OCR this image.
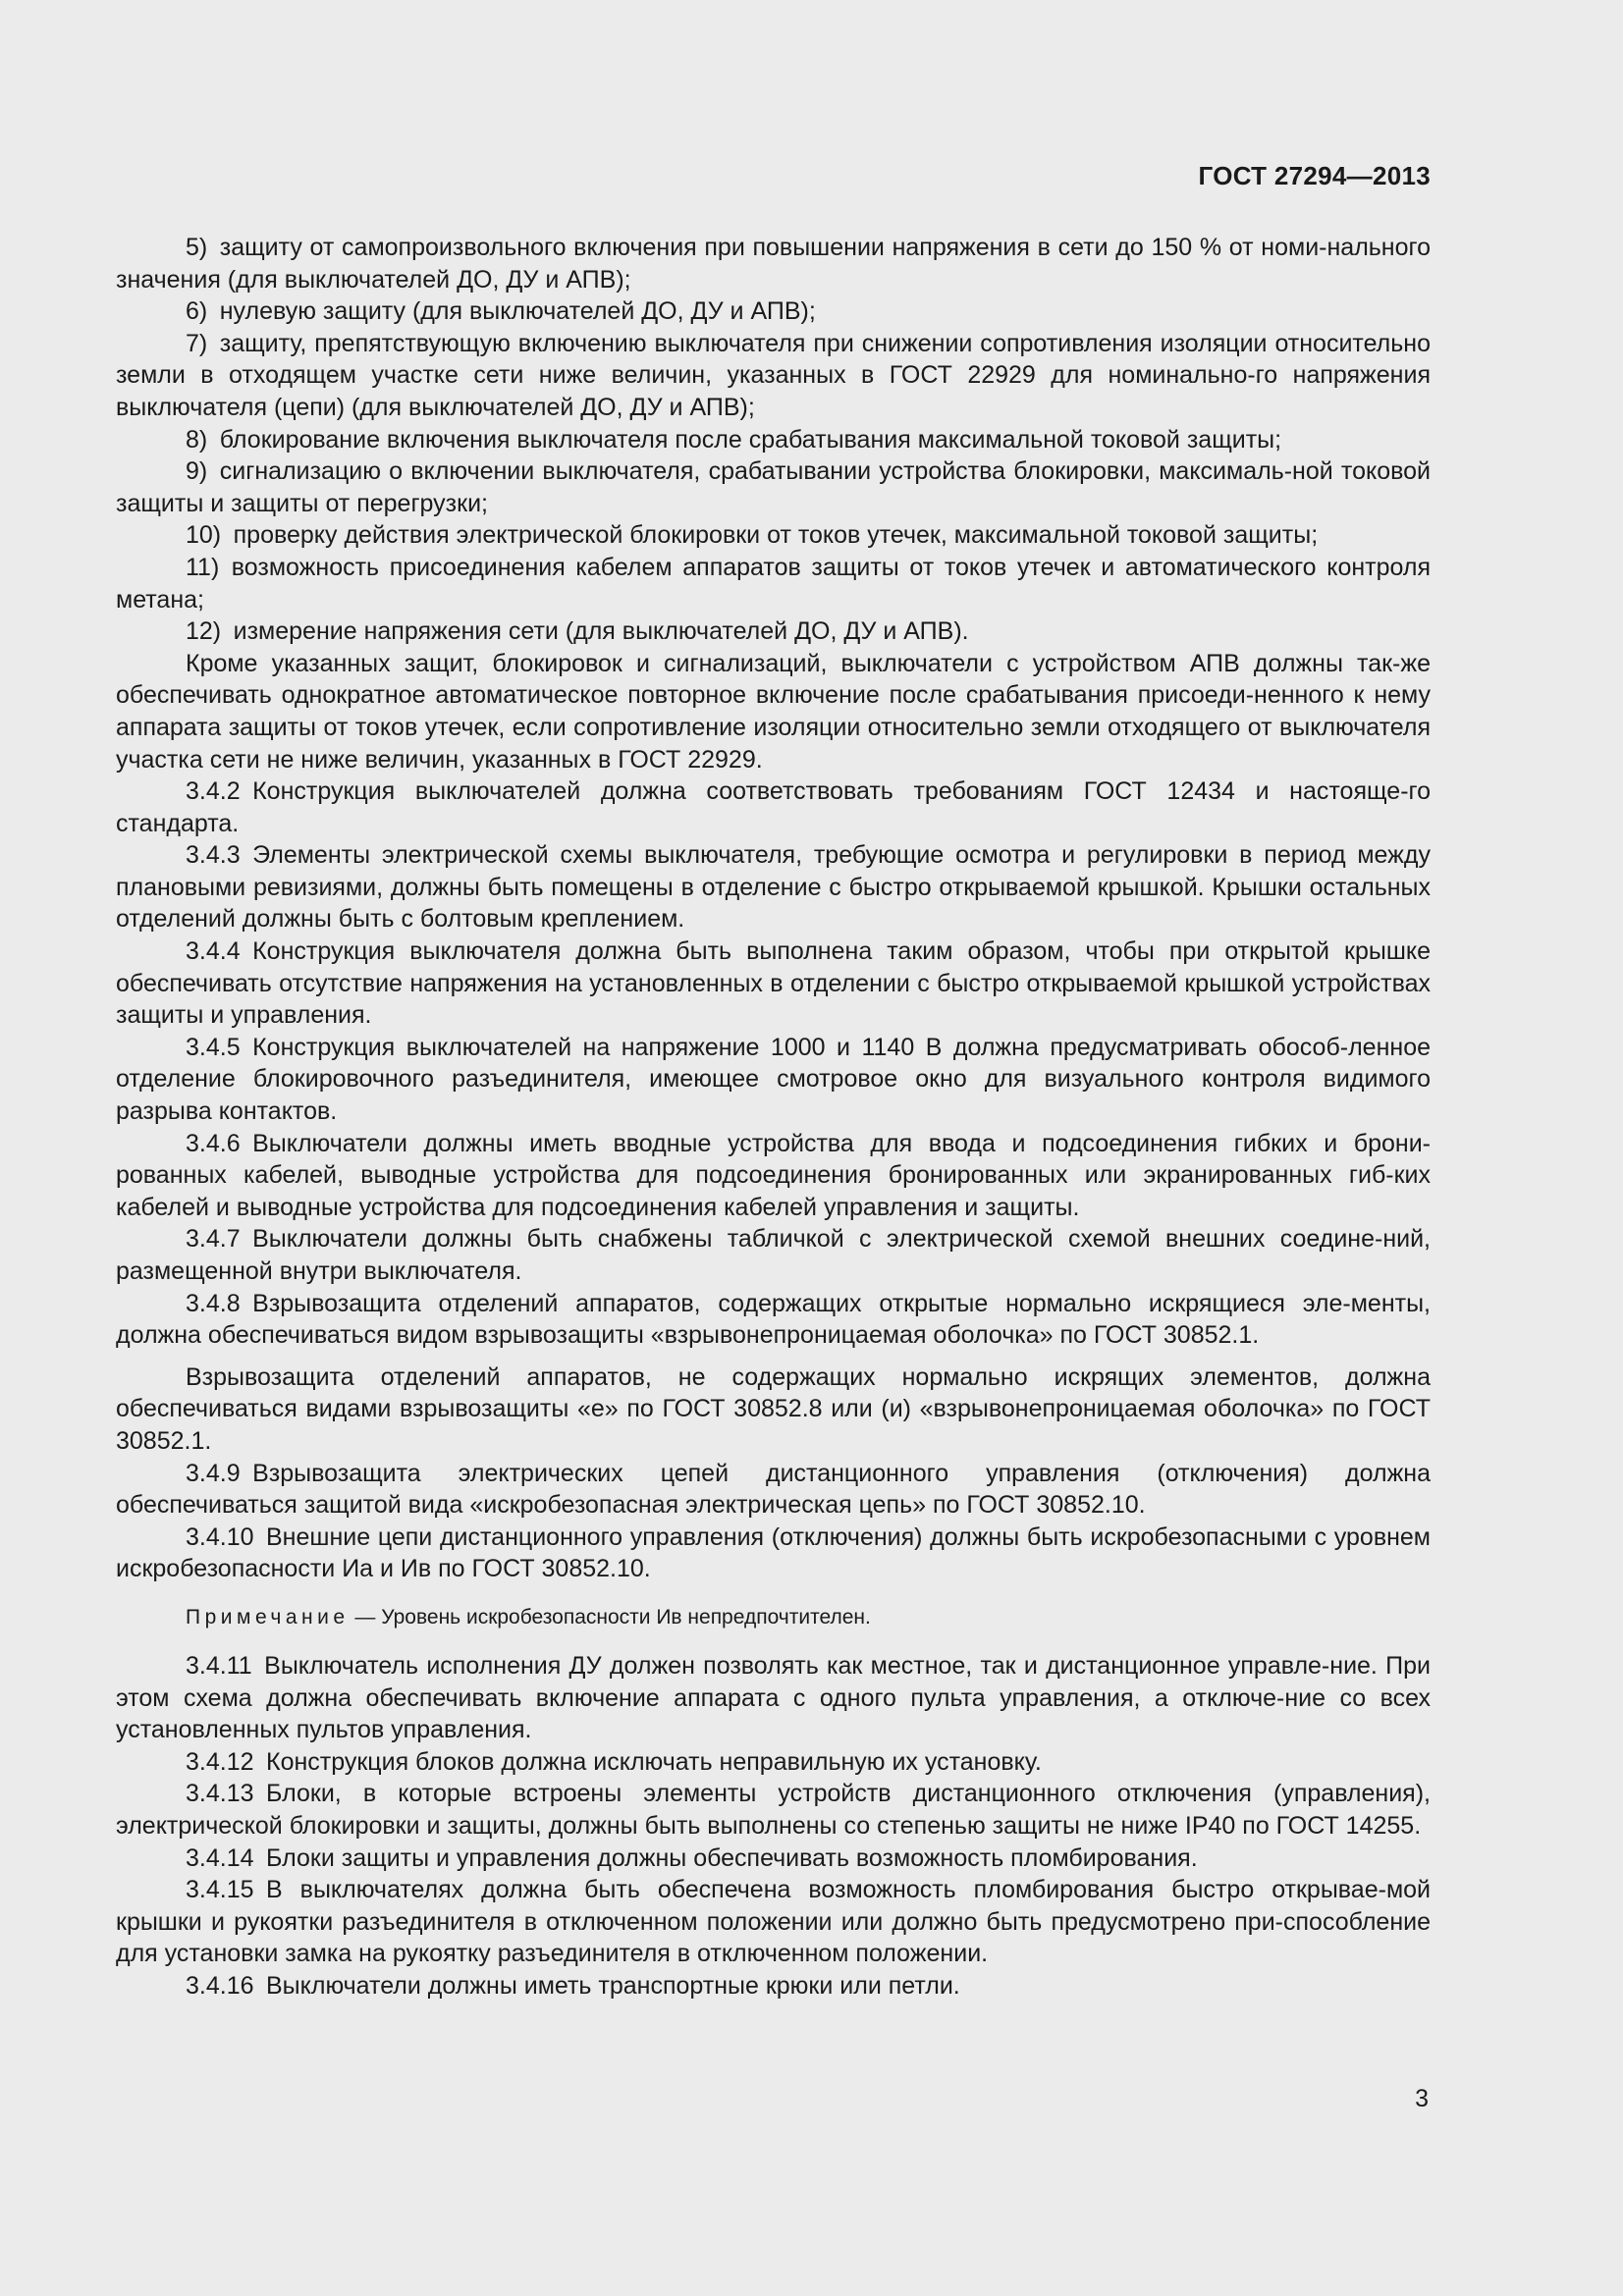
ГОСТ 27294—2013

5) защиту от самопроизвольного включения при повышении напряжения в сети до 150 % от номи-нального значения (для выключателей ДО, ДУ и АПВ);

6) нулевую защиту (для выключателей ДО, ДУ и АПВ);

7) защиту, препятствующую включению выключателя при снижении сопротивления изоляции относительно земли в отходящем участке сети ниже величин, указанных в ГОСТ 22929 для номинально-го напряжения выключателя (цепи) (для выключателей ДО, ДУ и АПВ);

8) блокирование включения выключателя после срабатывания максимальной токовой защиты;

9) сигнализацию о включении выключателя, срабатывании устройства блокировки, максималь-ной токовой защиты и защиты от перегрузки;

10) проверку действия электрической блокировки от токов утечек, максимальной токовой защиты;

11) возможность присоединения кабелем аппаратов защиты от токов утечек и автоматического контроля метана;

12) измерение напряжения сети (для выключателей ДО, ДУ и АПВ).

Кроме указанных защит, блокировок и сигнализаций, выключатели с устройством АПВ должны так-же обеспечивать однократное автоматическое повторное включение после срабатывания присоеди-ненного к нему аппарата защиты от токов утечек, если сопротивление изоляции относительно земли отходящего от выключателя участка сети не ниже величин, указанных в ГОСТ 22929.

3.4.2 Конструкция выключателей должна соответствовать требованиям ГОСТ 12434 и настояще-го стандарта.

3.4.3 Элементы электрической схемы выключателя, требующие осмотра и регулировки в период между плановыми ревизиями, должны быть помещены в отделение с быстро открываемой крышкой. Крышки остальных отделений должны быть с болтовым креплением.

3.4.4 Конструкция выключателя должна быть выполнена таким образом, чтобы при открытой крышке обеспечивать отсутствие напряжения на установленных в отделении с быстро открываемой крышкой устройствах защиты и управления.

3.4.5 Конструкция выключателей на напряжение 1000 и 1140 В должна предусматривать обособ-ленное отделение блокировочного разъединителя, имеющее смотровое окно для визуального контроля видимого разрыва контактов.

3.4.6 Выключатели должны иметь вводные устройства для ввода и подсоединения гибких и брони-рованных кабелей, выводные устройства для подсоединения бронированных или экранированных гиб-ких кабелей и выводные устройства для подсоединения кабелей управления и защиты.

3.4.7 Выключатели должны быть снабжены табличкой с электрической схемой внешних соедине-ний, размещенной внутри выключателя.

3.4.8 Взрывозащита отделений аппаратов, содержащих открытые нормально искрящиеся эле-менты, должна обеспечиваться видом взрывозащиты «взрывонепроницаемая оболочка» по ГОСТ 30852.1.

Взрывозащита отделений аппаратов, не содержащих нормально искрящих элементов, должна обеспечиваться видами взрывозащиты «e» по ГОСТ 30852.8 или (и) «взрывонепроницаемая оболочка» по ГОСТ 30852.1.

3.4.9 Взрывозащита электрических цепей дистанционного управления (отключения) должна обеспечиваться защитой вида «искробезопасная электрическая цепь» по ГОСТ 30852.10.

3.4.10 Внешние цепи дистанционного управления (отключения) должны быть искробезопасными с уровнем искробезопасности Иа и Ив по ГОСТ 30852.10.

Примечание — Уровень искробезопасности Ив непредпочтителен.

3.4.11 Выключатель исполнения ДУ должен позволять как местное, так и дистанционное управле-ние. При этом схема должна обеспечивать включение аппарата с одного пульта управления, а отключе-ние со всех установленных пультов управления.

3.4.12 Конструкция блоков должна исключать неправильную их установку.

3.4.13 Блоки, в которые встроены элементы устройств дистанционного отключения (управления), электрической блокировки и защиты, должны быть выполнены со степенью защиты не ниже IP40 по ГОСТ 14255.

3.4.14 Блоки защиты и управления должны обеспечивать возможность пломбирования.

3.4.15 В выключателях должна быть обеспечена возможность пломбирования быстро открывае-мой крышки и рукоятки разъединителя в отключенном положении или должно быть предусмотрено при-способление для установки замка на рукоятку разъединителя в отключенном положении.

3.4.16 Выключатели должны иметь транспортные крюки или петли.

3
